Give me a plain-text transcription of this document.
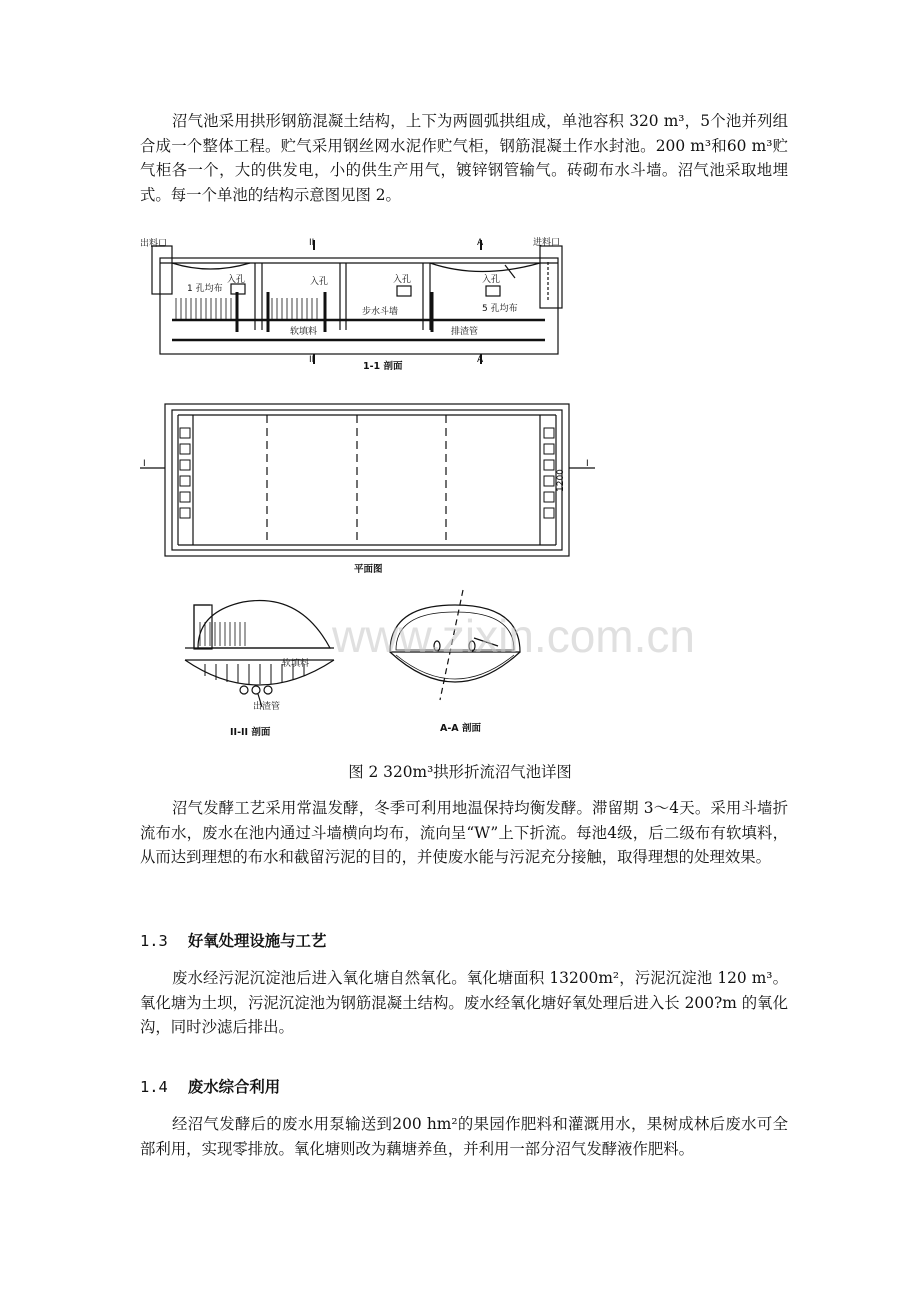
沼气池采用拱形钢筋混凝土结构，上下为两圆弧拱组成，单池容积 320 m³，5个池并列组合成一个整体工程。贮气采用钢丝网水泥作贮气柜，钢筋混凝土作水封池。200 m³和60 m³贮气柜各一个，大的供发电，小的供生产用气，镀锌钢管输气。砖砌布水斗墙。沼气池采取地埋式。每一个单池的结构示意图见图 2。

出料口	进料口
II	A
入孔	入孔	入孔	入孔
1 孔均布
5 孔均布
步水斗墙
软填料	排渣管
II	A
1-1 剖面
I	I
1200
平面图
软填料
出渣管
II-II 剖面	A-A 剖面
www.zixin.com.cn

图 2 320m³拱形折流沼气池详图

沼气发酵工艺采用常温发酵，冬季可利用地温保持均衡发酵。滞留期 3～4天。采用斗墙折流布水，废水在池内通过斗墙横向均布，流向呈“W”上下折流。每池4级，后二级布有软填料，从而达到理想的布水和截留污泥的目的，并使废水能与污泥充分接触，取得理想的处理效果。

1.3 好氧处理设施与工艺

废水经污泥沉淀池后进入氧化塘自然氧化。氧化塘面积 13200m²，污泥沉淀池 120 m³。氧化塘为土坝，污泥沉淀池为钢筋混凝土结构。废水经氧化塘好氧处理后进入长 200?m 的氧化沟，同时沙滤后排出。

1.4 废水综合利用

经沼气发酵后的废水用泵输送到200 hm²的果园作肥料和灌溉用水，果树成林后废水可全部利用，实现零排放。氧化塘则改为藕塘养鱼，并利用一部分沼气发酵液作肥料。
